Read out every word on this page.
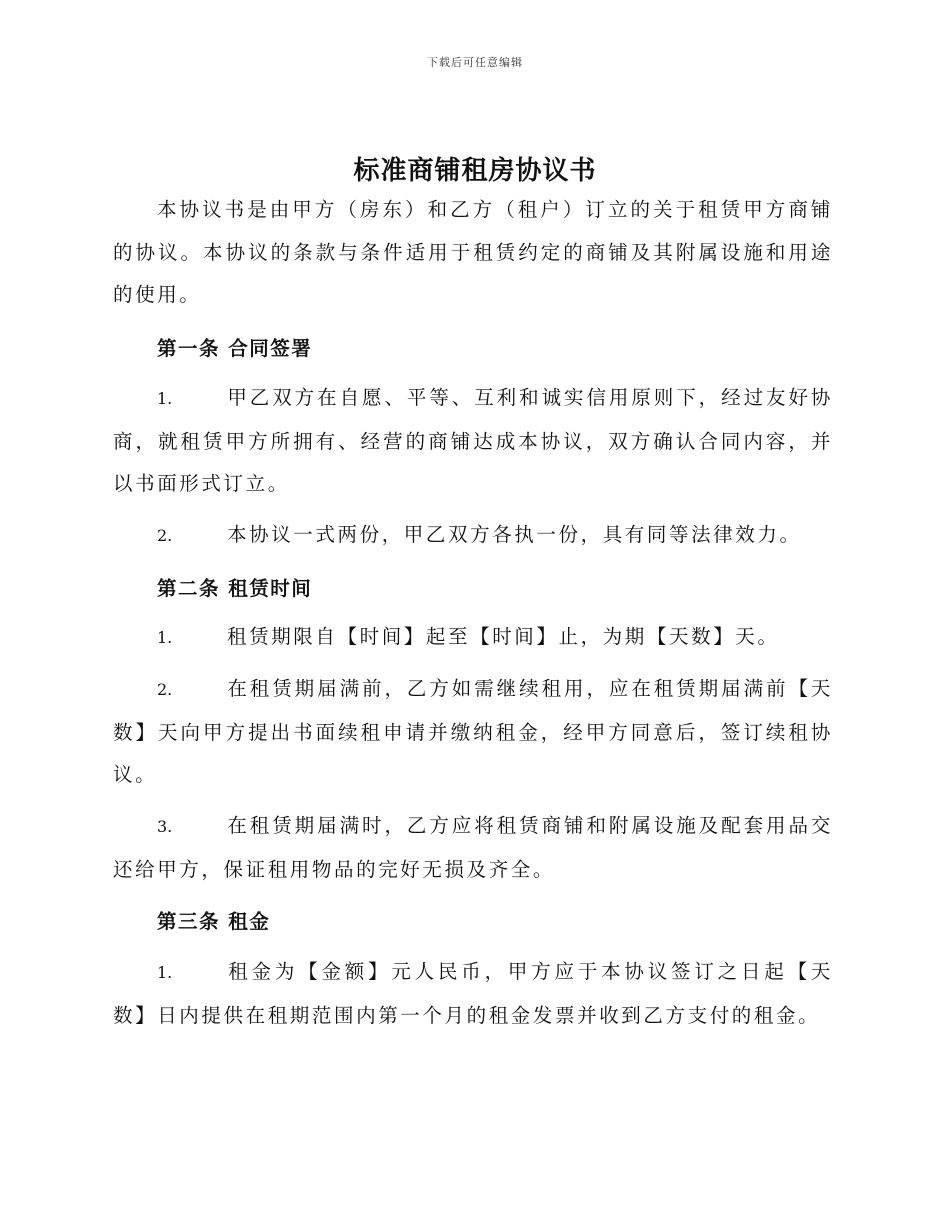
下载后可任意编辑
标准商铺租房协议书
本协议书是由甲方（房东）和乙方（租户）订立的关于租赁甲方商铺的协议。本协议的条款与条件适用于租赁约定的商铺及其附属设施和用途的使用。
第一条 合同签署
1.	甲乙双方在自愿、平等、互利和诚实信用原则下，经过友好协商，就租赁甲方所拥有、经营的商铺达成本协议，双方确认合同内容，并以书面形式订立。
2.	本协议一式两份，甲乙双方各执一份，具有同等法律效力。
第二条 租赁时间
1.	租赁期限自【时间】起至【时间】止，为期【天数】天。
2.	在租赁期届满前，乙方如需继续租用，应在租赁期届满前【天数】天向甲方提出书面续租申请并缴纳租金，经甲方同意后，签订续租协议。
3.	在租赁期届满时，乙方应将租赁商铺和附属设施及配套用品交还给甲方，保证租用物品的完好无损及齐全。
第三条 租金
1.	租金为【金额】元人民币，甲方应于本协议签订之日起【天数】日内提供在租期范围内第一个月的租金发票并收到乙方支付的租金。
